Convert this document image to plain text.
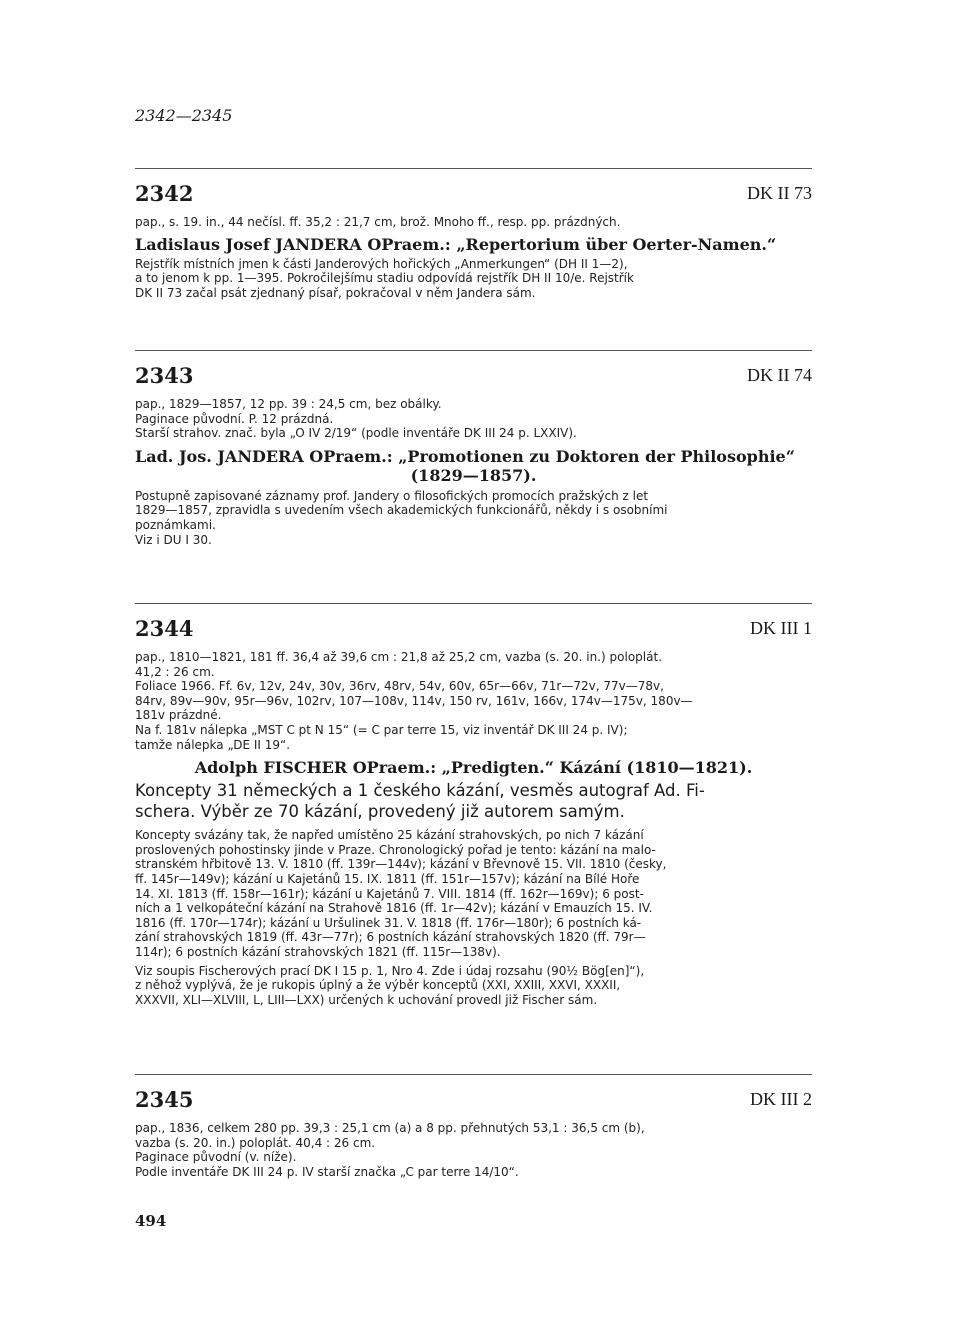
2342—2345
2342	DK II 73

pap., s. 19. in., 44 nečísl. ff. 35,2 : 21,7 cm, brož. Mnoho ff., resp. pp. prázdných.

Ladislaus Josef JANDERA OPraem.: „Repertorium über Oerter-Namen.“

Rejstřík místních jmen k části Janderových hořických „Anmerkungen“ (DH II 1—2),

a to jenom k pp. 1—395. Pokročilejšímu stadiu odpovídá rejstřík DH II 10/e. Rejstřík

DK II 73 začal psát zjednaný písař, pokračoval v něm Jandera sám.

2343	DK II 74

pap., 1829—1857, 12 pp. 39 : 24,5 cm, bez obálky.

Paginace původní. P. 12 prázdná.

Starší strahov. znač. byla „O IV 2/19“ (podle inventáře DK III 24 p. LXXIV).

Lad. Jos. JANDERA OPraem.: „Promotionen zu Doktoren der Philosophie“

(1829—1857).

Postupně zapisované záznamy prof. Jandery o filosofických promocích pražských z let

1829—1857, zpravidla s uvedením všech akademických funkcionářů, někdy i s osobními

poznámkami.

Viz i DU I 30.

2344	DK III 1

pap., 1810—1821, 181 ff. 36,4 až 39,6 cm : 21,8 až 25,2 cm, vazba (s. 20. in.) poloplát.

41,2 : 26 cm.

Foliace 1966. Ff. 6v, 12v, 24v, 30v, 36rv, 48rv, 54v, 60v, 65r—66v, 71r—72v, 77v—78v,

84rv, 89v—90v, 95r—96v, 102rv, 107—108v, 114v, 150 rv, 161v, 166v, 174v—175v, 180v—

181v prázdné.

Na f. 181v nálepka „MST C pt N 15“ (= C par terre 15, viz inventář DK III 24 p. IV);

tamže nálepka „DE II 19“.

Adolph FISCHER OPraem.: „Predigten.“ Kázání (1810—1821).

Koncepty 31 německých a 1 českého kázání, vesměs autograf Ad. Fi-

schera. Výběr ze 70 kázání, provedený již autorem samým.

Koncepty svázány tak, že napřed umístěno 25 kázání strahovských, po nich 7 kázání

proslovených pohostinsky jinde v Praze. Chronologický pořad je tento: kázání na malo-

stranském hřbitově 13. V. 1810 (ff. 139r—144v); kázání v Břevnově 15. VII. 1810 (česky,

ff. 145r—149v); kázání u Kajetánů 15. IX. 1811 (ff. 151r—157v); kázání na Bílé Hoře

14. XI. 1813 (ff. 158r—161r); kázání u Kajetánů 7. VIII. 1814 (ff. 162r—169v); 6 post-

ních a 1 velkopáteční kázání na Strahově 1816 (ff. 1r—42v); kázání v Emauzích 15. IV.

1816 (ff. 170r—174r); kázání u Uršulinek 31. V. 1818 (ff. 176r—180r); 6 postních ká-

zání strahovských 1819 (ff. 43r—77r); 6 postních kázání strahovských 1820 (ff. 79r—

114r); 6 postních kázání strahovských 1821 (ff. 115r—138v).

Viz soupis Fischerových prací DK I 15 p. 1, Nro 4. Zde i údaj rozsahu (90½ Bög[en]“),

z něhož vyplývá, že je rukopis úplný a že výběr konceptů (XXI, XXIII, XXVI, XXXII,

XXXVII, XLI—XLVIII, L, LIII—LXX) určených k uchování provedl již Fischer sám.

2345	DK III 2

pap., 1836, celkem 280 pp. 39,3 : 25,1 cm (a) a 8 pp. přehnutých 53,1 : 36,5 cm (b),

vazba (s. 20. in.) poloplát. 40,4 : 26 cm.

Paginace původní (v. níže).

Podle inventáře DK III 24 p. IV starší značka „C par terre 14/10“.

494
